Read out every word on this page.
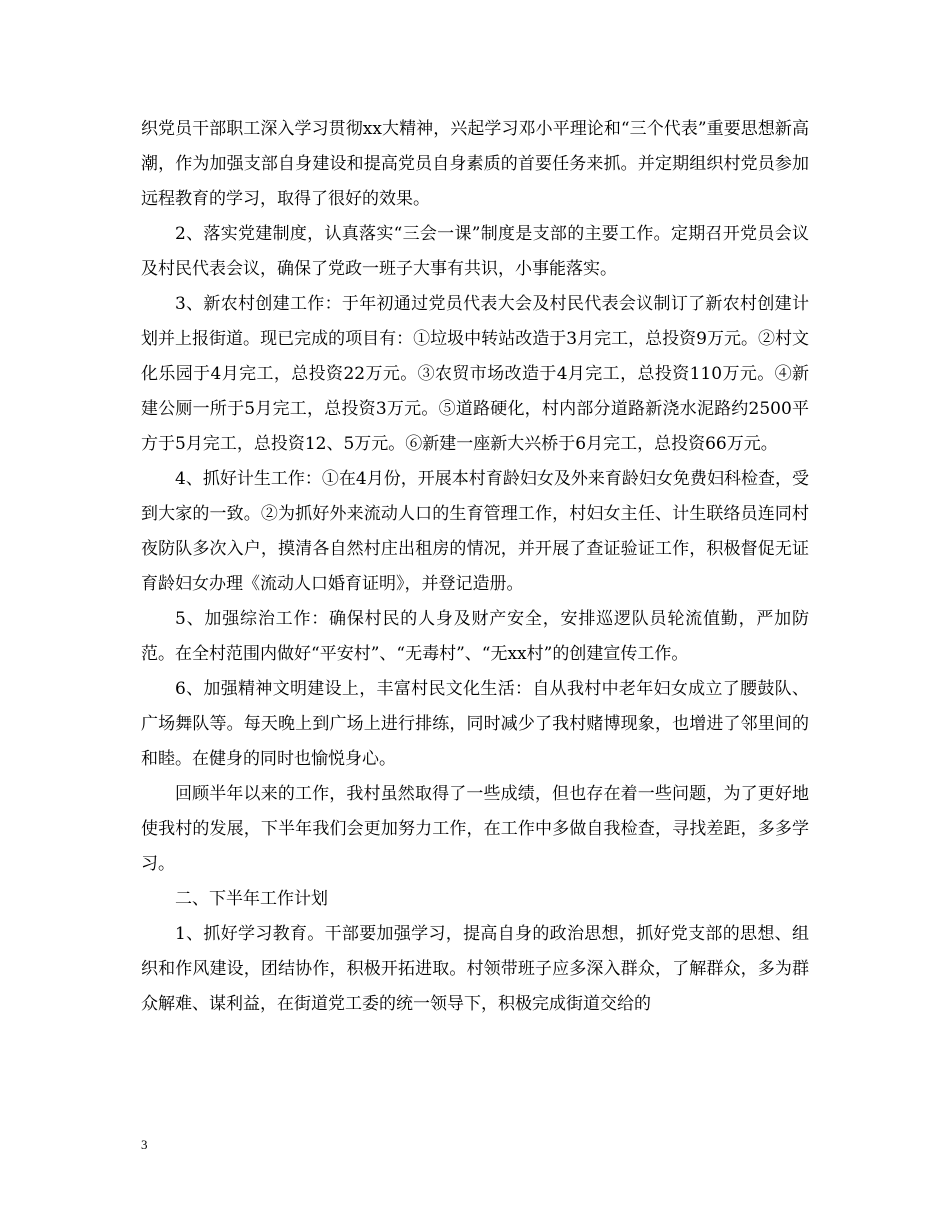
织党员干部职工深入学习贯彻xx大精神，兴起学习邓小平理论和“三个代表”重要思想新高潮，作为加强支部自身建设和提高党员自身素质的首要任务来抓。并定期组织村党员参加远程教育的学习，取得了很好的效果。

2、落实党建制度，认真落实“三会一课”制度是支部的主要工作。定期召开党员会议及村民代表会议，确保了党政一班子大事有共识，小事能落实。

3、新农村创建工作：于年初通过党员代表大会及村民代表会议制订了新农村创建计划并上报街道。现已完成的项目有：①垃圾中转站改造于3月完工，总投资9万元。②村文化乐园于4月完工，总投资22万元。③农贸市场改造于4月完工，总投资110万元。④新建公厕一所于5月完工，总投资3万元。⑤道路硬化，村内部分道路新浇水泥路约2500平方于5月完工，总投资12、5万元。⑥新建一座新大兴桥于6月完工，总投资66万元。

4、抓好计生工作：①在4月份，开展本村育龄妇女及外来育龄妇女免费妇科检查，受到大家的一致。②为抓好外来流动人口的生育管理工作，村妇女主任、计生联络员连同村夜防队多次入户，摸清各自然村庄出租房的情况，并开展了查证验证工作，积极督促无证育龄妇女办理《流动人口婚育证明》，并登记造册。

5、加强综治工作：确保村民的人身及财产安全，安排巡逻队员轮流值勤，严加防范。在全村范围内做好“平安村”、“无毒村”、“无xx村”的创建宣传工作。

6、加强精神文明建设上，丰富村民文化生活：自从我村中老年妇女成立了腰鼓队、广场舞队等。每天晚上到广场上进行排练，同时减少了我村赌博现象，也增进了邻里间的和睦。在健身的同时也愉悦身心。

回顾半年以来的工作，我村虽然取得了一些成绩，但也存在着一些问题，为了更好地使我村的发展，下半年我们会更加努力工作，在工作中多做自我检查，寻找差距，多多学习。

二、下半年工作计划

1、抓好学习教育。干部要加强学习，提高自身的政治思想，抓好党支部的思想、组织和作风建设，团结协作，积极开拓进取。村领带班子应多深入群众，了解群众，多为群众解难、谋利益，在街道党工委的统一领导下，积极完成街道交给的

3
